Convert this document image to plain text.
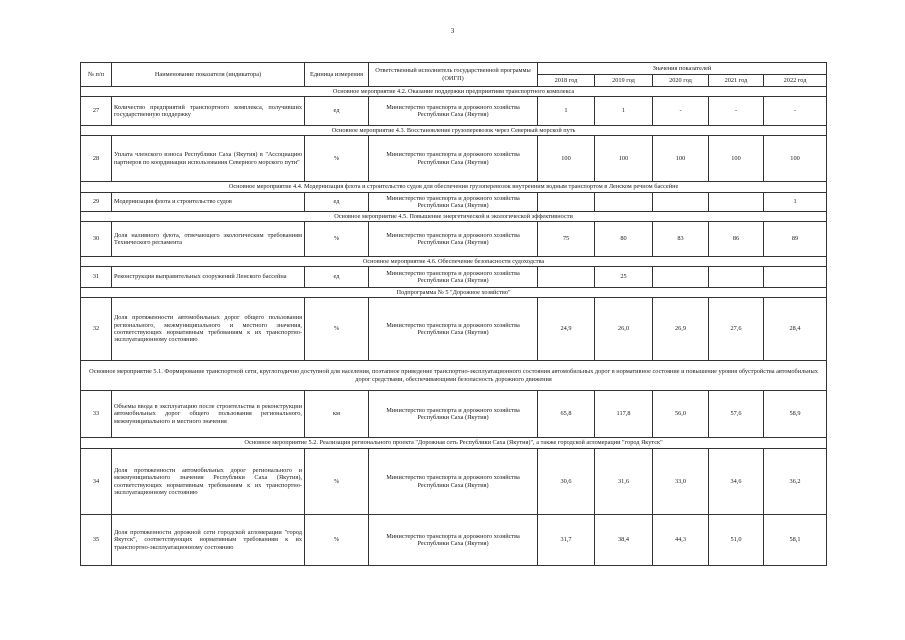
3
№ п/п	Наименование показателя (индикатора)	Единица измерения	Ответственный исполнитель государственной программы (ОИГП)	Значения показателей				
				2018 год	2019 год	2020 год	2021 год	2022 год
Основное мероприятие 4.2. Оказание поддержки предприятиям транспортного комплекса								
27	Количество предприятий транспортного комплекса, получивших государственную поддержку	ед	Министерство транспорта и дорожного хозяйства Республики Саха (Якутия)	1	1	-	-	-
Основное мероприятие 4.3. Восстановление грузоперевозок через Северный морской путь								
28	Уплата членского взноса Республики Саха (Якутия) в "Ассоциацию партнеров по координации использования Северного морского пути"	%	Министерство транспорта и дорожного хозяйства Республики Саха (Якутия)	100	100	100	100	100
Основное мероприятие 4.4. Модернизация флота и строительство судов для обеспечения грузоперевозок внутренним водным транспортом в Ленском речном бассейне								
29	Модернизация флота и строительство судов	ед	Министерство транспорта и дорожного хозяйства Республики Саха (Якутия)					1
Основное мероприятие 4.5. Повышение энергетической и экологической эффективности								
30	Доля наливного флота, отвечающего экологическим требованиям Технического регламента	%	Министерство транспорта и дорожного хозяйства Республики Саха (Якутия)	75	80	83	86	89
Основное мероприятие 4.6. Обеспечение безопасности судоходства								
31	Реконструкция выправительных сооружений Ленского бассейна	ед	Министерство транспорта и дорожного хозяйства Республики Саха (Якутия)		25			
Подпрограмма № 5 "Дорожное хозяйство"								
32	Доля протяженности автомобильных дорог общего пользования регионального, межмуниципального и местного значения, соответствующих нормативным требованиям к их транспортно-эксплуатационному состоянию	%	Министерство транспорта и дорожного хозяйства Республики Саха (Якутия)	24,9	26,0	26,9	27,6	28,4
Основное мероприятие 5.1. Формирование транспортной сети, круглогодично доступной для населения, поэтапное приведение транспортно-эксплуатационного состояния автомобильных дорог в нормативное состояние и повышение уровня обустройства автомобильных дорог средствами, обеспечивающими безопасность дорожного движения								
33	Объемы ввода в эксплуатацию после строительства и реконструкции автомобильных дорог общего пользования регионального, межмуниципального и местного значения	км	Министерство транспорта и дорожного хозяйства Республики Саха (Якутия)	65,8	117,8	56,0	57,6	58,9
Основное мероприятие 5.2. Реализация регионального проекта "Дорожная сеть Республики Саха (Якутия)", а также городской агломерации "город Якутск"								
34	Доля протяженности автомобильных дорог регионального и межмуниципального значения Республики Саха (Якутия), соответствующих нормативным требованиям к их транспортно-эксплуатационному состоянию	%	Министерство транспорта и дорожного хозяйства Республики Саха (Якутия)	30,6	31,6	33,0	34,6	36,2
35	Доля протяженности дорожной сети городской агломерации "город Якутск", соответствующих нормативным требованиям к их транспортно-эксплуатационному состоянию	%	Министерство транспорта и дорожного хозяйства Республики Саха (Якутия)	31,7	38,4	44,3	51,0	58,1
